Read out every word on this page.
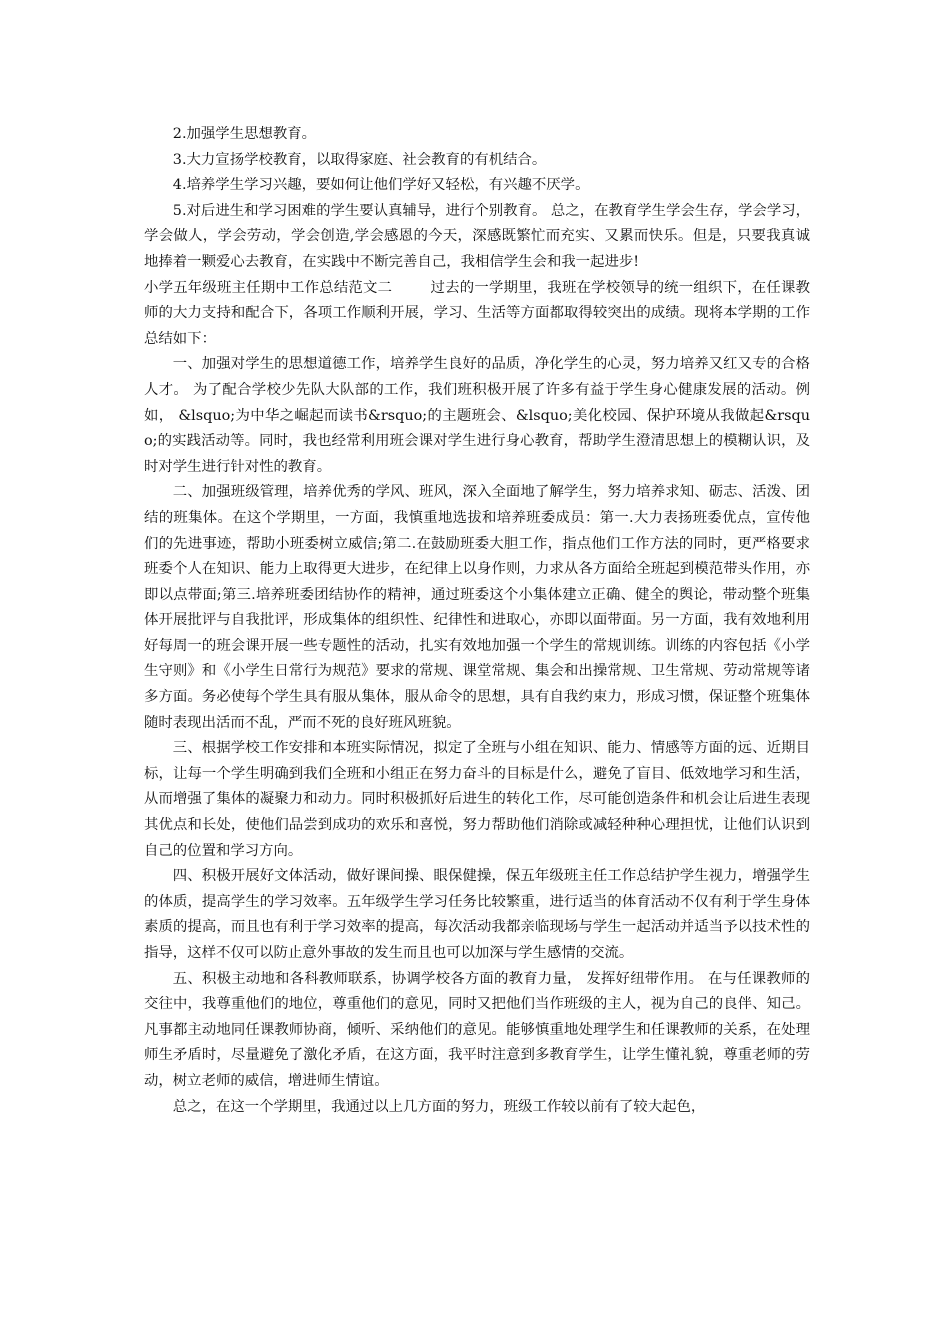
2.加强学生思想教育。

3.大力宣扬学校教育，以取得家庭、社会教育的有机结合。

4.培养学生学习兴趣，要如何让他们学好又轻松，有兴趣不厌学。

5.对后进生和学习困难的学生要认真辅导，进行个别教育。 总之，在教育学生学会生存，学会学习，学会做人，学会劳动，学会创造,学会感恩的今天，深感既繁忙而充实、又累而快乐。但是，只要我真诚地捧着一颗爱心去教育，在实践中不断完善自己，我相信学生会和我一起进步!

小学五年级班主任期中工作总结范文二        过去的一学期里，我班在学校领导的统一组织下，在任课教师的大力支持和配合下，各项工作顺利开展，学习、生活等方面都取得较突出的成绩。现将本学期的工作总结如下：

一、加强对学生的思想道德工作，培养学生良好的品质，净化学生的心灵，努力培养又红又专的合格人才。 为了配合学校少先队大队部的工作，我们班积极开展了许多有益于学生身心健康发展的活动。例如， &lsquo;为中华之崛起而读书&rsquo;的主题班会、&lsquo;美化校园、保护环境从我做起&rsquo;的实践活动等。同时，我也经常利用班会课对学生进行身心教育，帮助学生澄清思想上的模糊认识，及时对学生进行针对性的教育。

二、加强班级管理，培养优秀的学风、班风，深入全面地了解学生，努力培养求知、砺志、活泼、团结的班集体。在这个学期里，一方面，我慎重地选拔和培养班委成员：第一.大力表扬班委优点，宣传他们的先进事迹，帮助小班委树立威信;第二.在鼓励班委大胆工作，指点他们工作方法的同时，更严格要求班委个人在知识、能力上取得更大进步，在纪律上以身作则，力求从各方面给全班起到模范带头作用，亦即以点带面;第三.培养班委团结协作的精神，通过班委这个小集体建立正确、健全的舆论，带动整个班集体开展批评与自我批评，形成集体的组织性、纪律性和进取心，亦即以面带面。另一方面，我有效地利用好每周一的班会课开展一些专题性的活动，扎实有效地加强一个学生的常规训练。训练的内容包括《小学生守则》和《小学生日常行为规范》要求的常规、课堂常规、集会和出操常规、卫生常规、劳动常规等诸多方面。务必使每个学生具有服从集体，服从命令的思想，具有自我约束力，形成习惯，保证整个班集体随时表现出活而不乱，严而不死的良好班风班貌。

三、根据学校工作安排和本班实际情况，拟定了全班与小组在知识、能力、情感等方面的远、近期目标，让每一个学生明确到我们全班和小组正在努力奋斗的目标是什么，避免了盲目、低效地学习和生活，从而增强了集体的凝聚力和动力。同时积极抓好后进生的转化工作，尽可能创造条件和机会让后进生表现其优点和长处，使他们品尝到成功的欢乐和喜悦，努力帮助他们消除或减轻种种心理担忧，让他们认识到自己的位置和学习方向。

四、积极开展好文体活动，做好课间操、眼保健操，保五年级班主任工作总结护学生视力，增强学生的体质，提高学生的学习效率。五年级学生学习任务比较繁重，进行适当的体育活动不仅有利于学生身体素质的提高，而且也有利于学习效率的提高，每次活动我都亲临现场与学生一起活动并适当予以技术性的指导，这样不仅可以防止意外事故的发生而且也可以加深与学生感情的交流。

五、积极主动地和各科教师联系，协调学校各方面的教育力量， 发挥好纽带作用。 在与任课教师的交往中，我尊重他们的地位，尊重他们的意见，同时又把他们当作班级的主人，视为自己的良伴、知己。凡事都主动地同任课教师协商，倾听、采纳他们的意见。能够慎重地处理学生和任课教师的关系，在处理师生矛盾时，尽量避免了激化矛盾，在这方面，我平时注意到多教育学生，让学生懂礼貌，尊重老师的劳动，树立老师的威信，增进师生情谊。

总之，在这一个学期里，我通过以上几方面的努力，班级工作较以前有了较大起色，
